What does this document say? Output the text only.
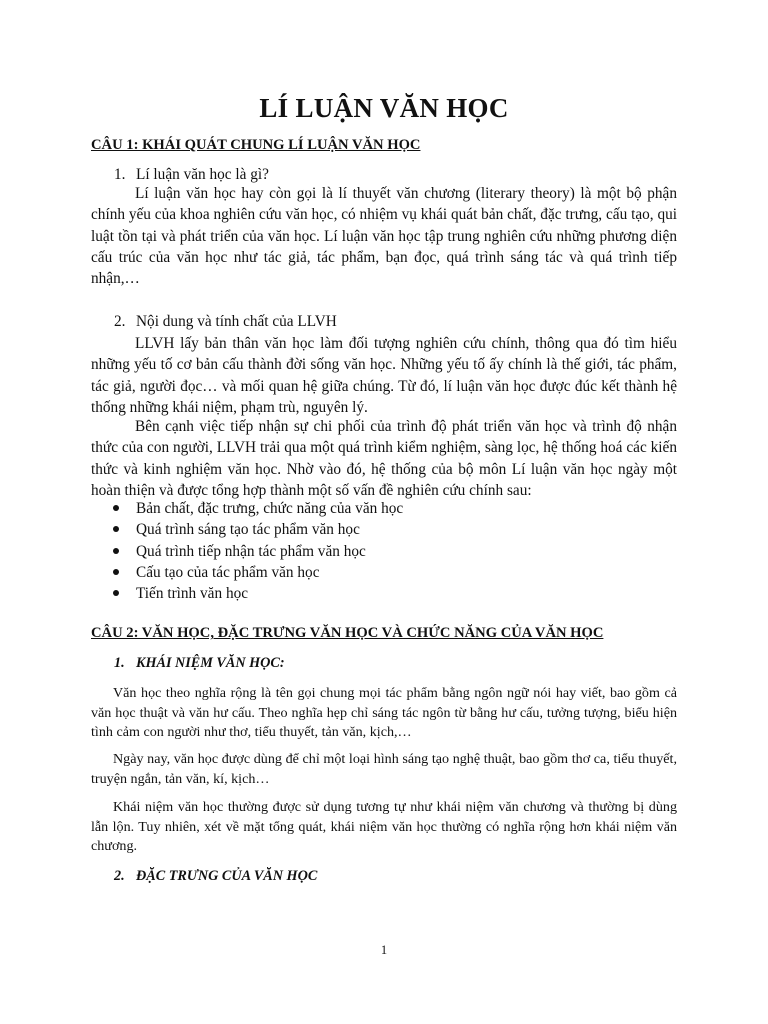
LÍ LUẬN VĂN HỌC

CÂU 1: KHÁI QUÁT CHUNG LÍ LUẬN VĂN HỌC

1. Lí luận văn học là gì?

Lí luận văn học hay còn gọi là lí thuyết văn chương (literary theory) là một bộ phận chính yếu của khoa nghiên cứu văn học, có nhiệm vụ khái quát bản chất, đặc trưng, cấu tạo, qui luật tồn tại và phát triển của văn học. Lí luận văn học tập trung nghiên cứu những phương diện cấu trúc của văn học như tác giả, tác phẩm, bạn đọc, quá trình sáng tác và quá trình tiếp nhận,…

2. Nội dung và tính chất của LLVH

LLVH lấy bản thân văn học làm đối tượng nghiên cứu chính, thông qua đó tìm hiểu những yếu tố cơ bản cấu thành đời sống văn học. Những yếu tố ấy chính là thế giới, tác phẩm, tác giả, người đọc… và mối quan hệ giữa chúng. Từ đó, lí luận văn học được đúc kết thành hệ thống những khái niệm, phạm trù, nguyên lý.

Bên cạnh việc tiếp nhận sự chi phối của trình độ phát triển văn học và trình độ nhận thức của con người, LLVH trải qua một quá trình kiểm nghiệm, sàng lọc, hệ thống hoá các kiến thức và kinh nghiệm văn học. Nhờ vào đó, hệ thống của bộ môn Lí luận văn học ngày một hoàn thiện và được tổng hợp thành một số vấn đề nghiên cứu chính sau:

Bản chất, đặc trưng, chức năng của văn học
Quá trình sáng tạo tác phẩm văn học
Quá trình tiếp nhận tác phẩm văn học
Cấu tạo của tác phẩm văn học
Tiến trình văn học

CÂU 2: VĂN HỌC, ĐẶC TRƯNG VĂN HỌC VÀ CHỨC NĂNG CỦA VĂN HỌC

1. KHÁI NIỆM VĂN HỌC:

Văn học theo nghĩa rộng là tên gọi chung mọi tác phẩm bằng ngôn ngữ nói hay viết, bao gồm cả văn học thuật và văn hư cấu. Theo nghĩa hẹp chỉ sáng tác ngôn từ bằng hư cấu, tưởng tượng, biểu hiện tình cảm con người như thơ, tiểu thuyết, tản văn, kịch,…

Ngày nay, văn học được dùng để chỉ một loại hình sáng tạo nghệ thuật, bao gồm thơ ca, tiểu thuyết, truyện ngắn, tản văn, kí, kịch…

Khái niệm văn học thường được sử dụng tương tự như khái niệm văn chương và thường bị dùng lẫn lộn. Tuy nhiên, xét về mặt tổng quát, khái niệm văn học thường có nghĩa rộng hơn khái niệm văn chương.

2. ĐẶC TRƯNG CỦA VĂN HỌC

1
